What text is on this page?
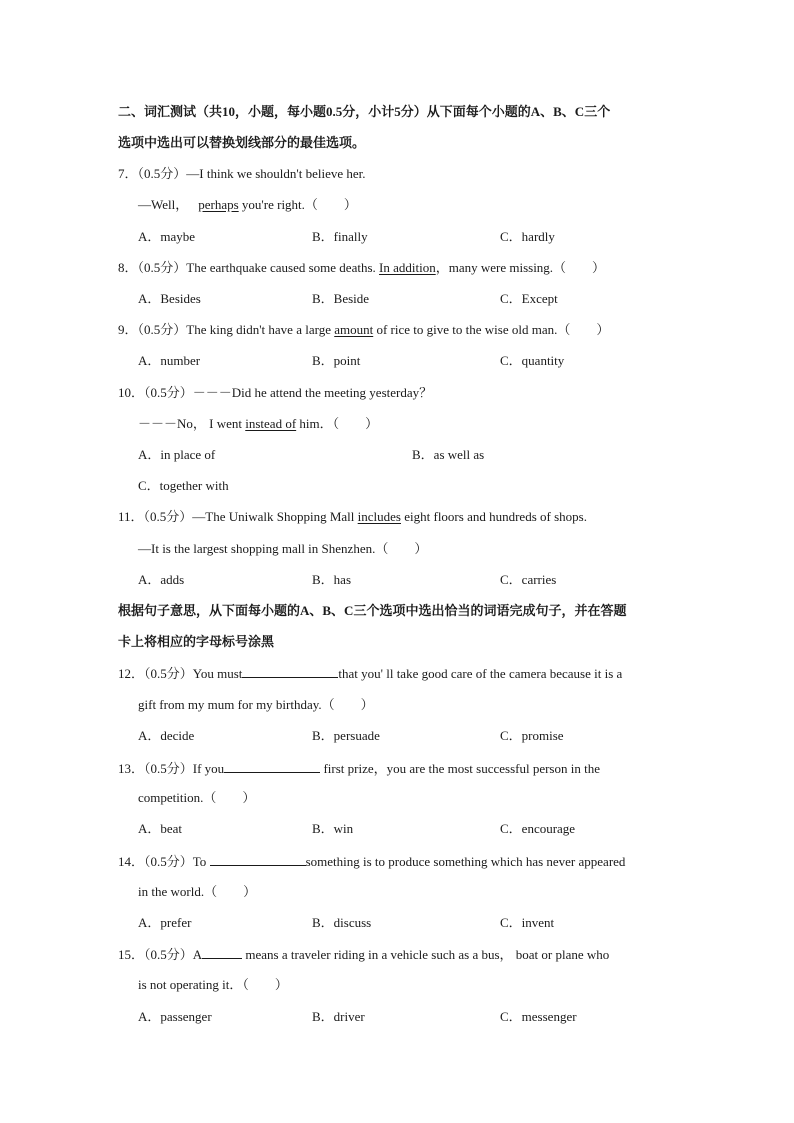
二、词汇测试（共10，小题，每小题0.5分，小计5分）从下面每个小题的A、B、C三个
选项中选出可以替换划线部分的最佳选项。
7．（0.5分）—I think we shouldn't believe her.
—Well， perhaps you're right.（　　）
A．maybe	B．finally	C．hardly
8．（0.5分）The earthquake caused some deaths. In addition，many were missing.（　　）
A．Besides	B．Beside	C．Except
9．（0.5分）The king didn't have a large amount of rice to give to the wise old man.（　　）
A．number	B．point	C．quantity
10．（0.5分）－－－Did he attend the meeting yesterday？
－－－No， I went instead of him．（　　）
A．in place of	B．as well as
C．together with
11．（0.5分）—The Uniwalk Shopping Mall includes eight floors and hundreds of shops.
—It is the largest shopping mall in Shenzhen.（　　）
A．adds	B．has	C．carries
根据句子意思，从下面每小题的A、B、C三个选项中选出恰当的词语完成句子，并在答题
卡上将相应的字母标号涂黑
12．（0.5分）You must	that you' ll take good care of the camera because it is a
gift from my mum for my birthday.（　　）
A．decide	B．persuade	C．promise
13．（0.5分）If you	first prize，you are the most successful person in the
competition.（　　）
A．beat	B．win	C．encourage
14．（0.5分）To	something is to produce something which has never appeared
in the world.（　　）
A．prefer	B．discuss	C．invent
15．（0.5分）A	means a traveler riding in a vehicle such as a bus， boat or plane who
is not operating it．（　　）
A．passenger	B．driver	C．messenger
